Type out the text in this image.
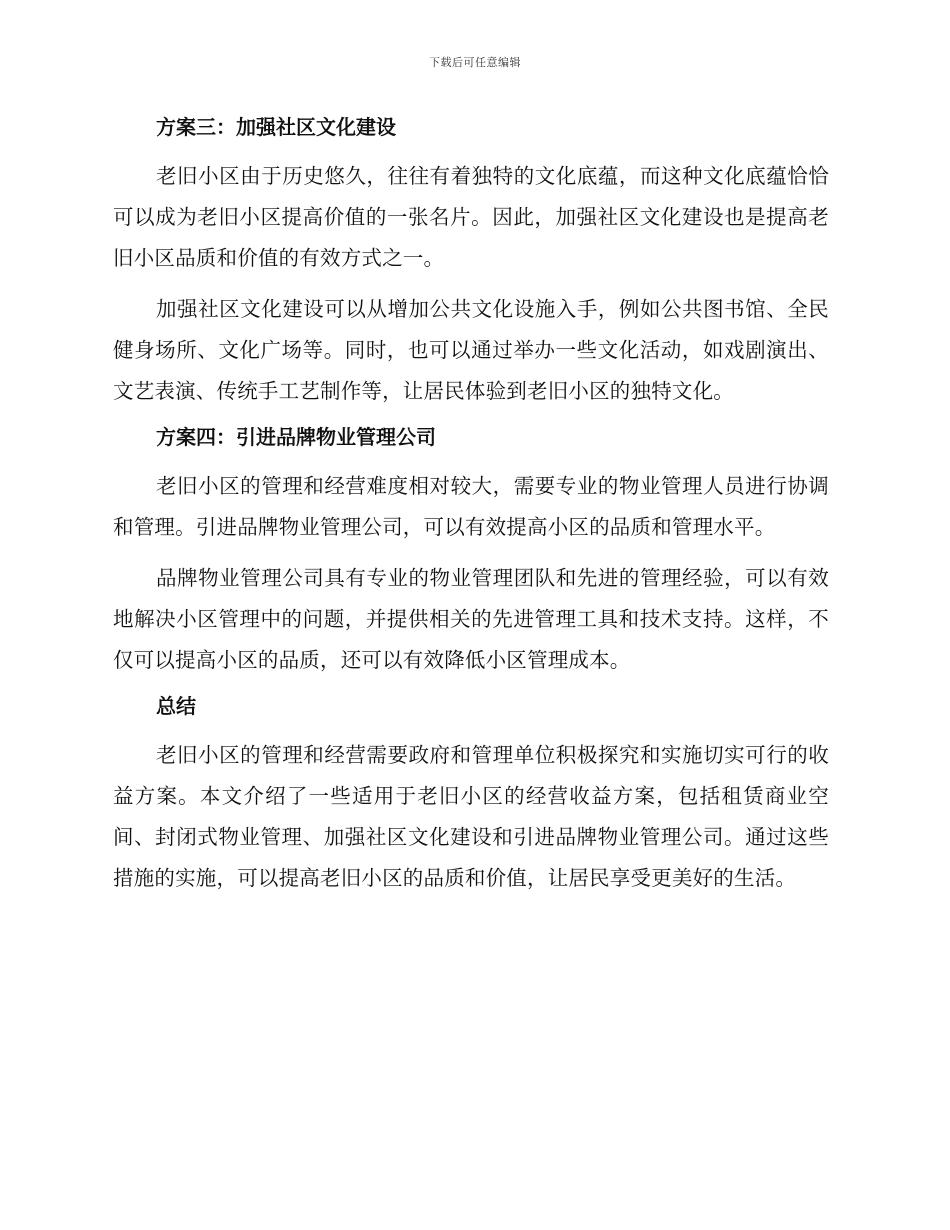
下载后可任意编辑
方案三：加强社区文化建设

老旧小区由于历史悠久，往往有着独特的文化底蕴，而这种文化底蕴恰恰可以成为老旧小区提高价值的一张名片。因此，加强社区文化建设也是提高老旧小区品质和价值的有效方式之一。

加强社区文化建设可以从增加公共文化设施入手，例如公共图书馆、全民健身场所、文化广场等。同时，也可以通过举办一些文化活动，如戏剧演出、文艺表演、传统手工艺制作等，让居民体验到老旧小区的独特文化。

方案四：引进品牌物业管理公司

老旧小区的管理和经营难度相对较大，需要专业的物业管理人员进行协调和管理。引进品牌物业管理公司，可以有效提高小区的品质和管理水平。

品牌物业管理公司具有专业的物业管理团队和先进的管理经验，可以有效地解决小区管理中的问题，并提供相关的先进管理工具和技术支持。这样，不仅可以提高小区的品质，还可以有效降低小区管理成本。

总结

老旧小区的管理和经营需要政府和管理单位积极探究和实施切实可行的收益方案。本文介绍了一些适用于老旧小区的经营收益方案，包括租赁商业空间、封闭式物业管理、加强社区文化建设和引进品牌物业管理公司。通过这些措施的实施，可以提高老旧小区的品质和价值，让居民享受更美好的生活。
